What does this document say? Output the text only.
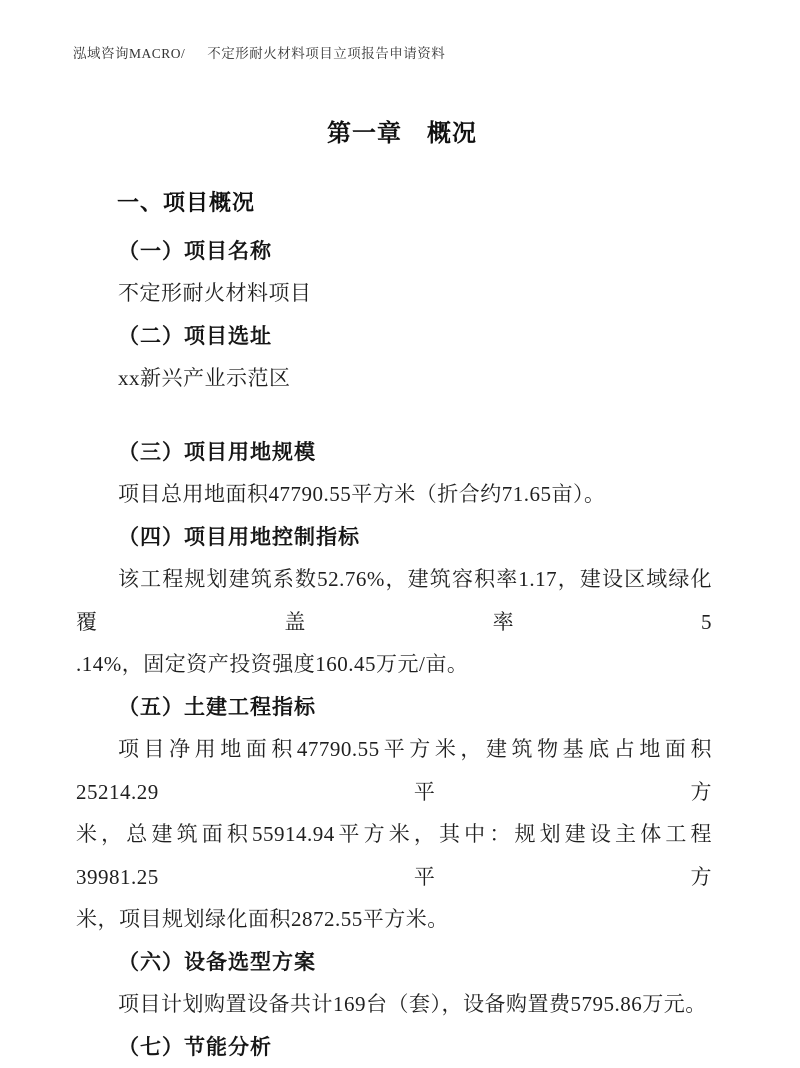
泓域咨询MACRO/ 不定形耐火材料项目立项报告申请资料
第一章　概况
一、项目概况
（一）项目名称

不定形耐火材料项目

（二）项目选址

xx新兴产业示范区

（三）项目用地规模

项目总用地面积47790.55平方米（折合约71.65亩）。

（四）项目用地控制指标

该工程规划建筑系数52.76%，建筑容积率1.17，建设区域绿化覆盖率5
.14%，固定资产投资强度160.45万元/亩。

（五）土建工程指标

项目净用地面积47790.55平方米，建筑物基底占地面积25214.29平方
米，总建筑面积55914.94平方米，其中：规划建设主体工程39981.25平方
米，项目规划绿化面积2872.55平方米。

（六）设备选型方案

项目计划购置设备共计169台（套），设备购置费5795.86万元。

（七）节能分析
